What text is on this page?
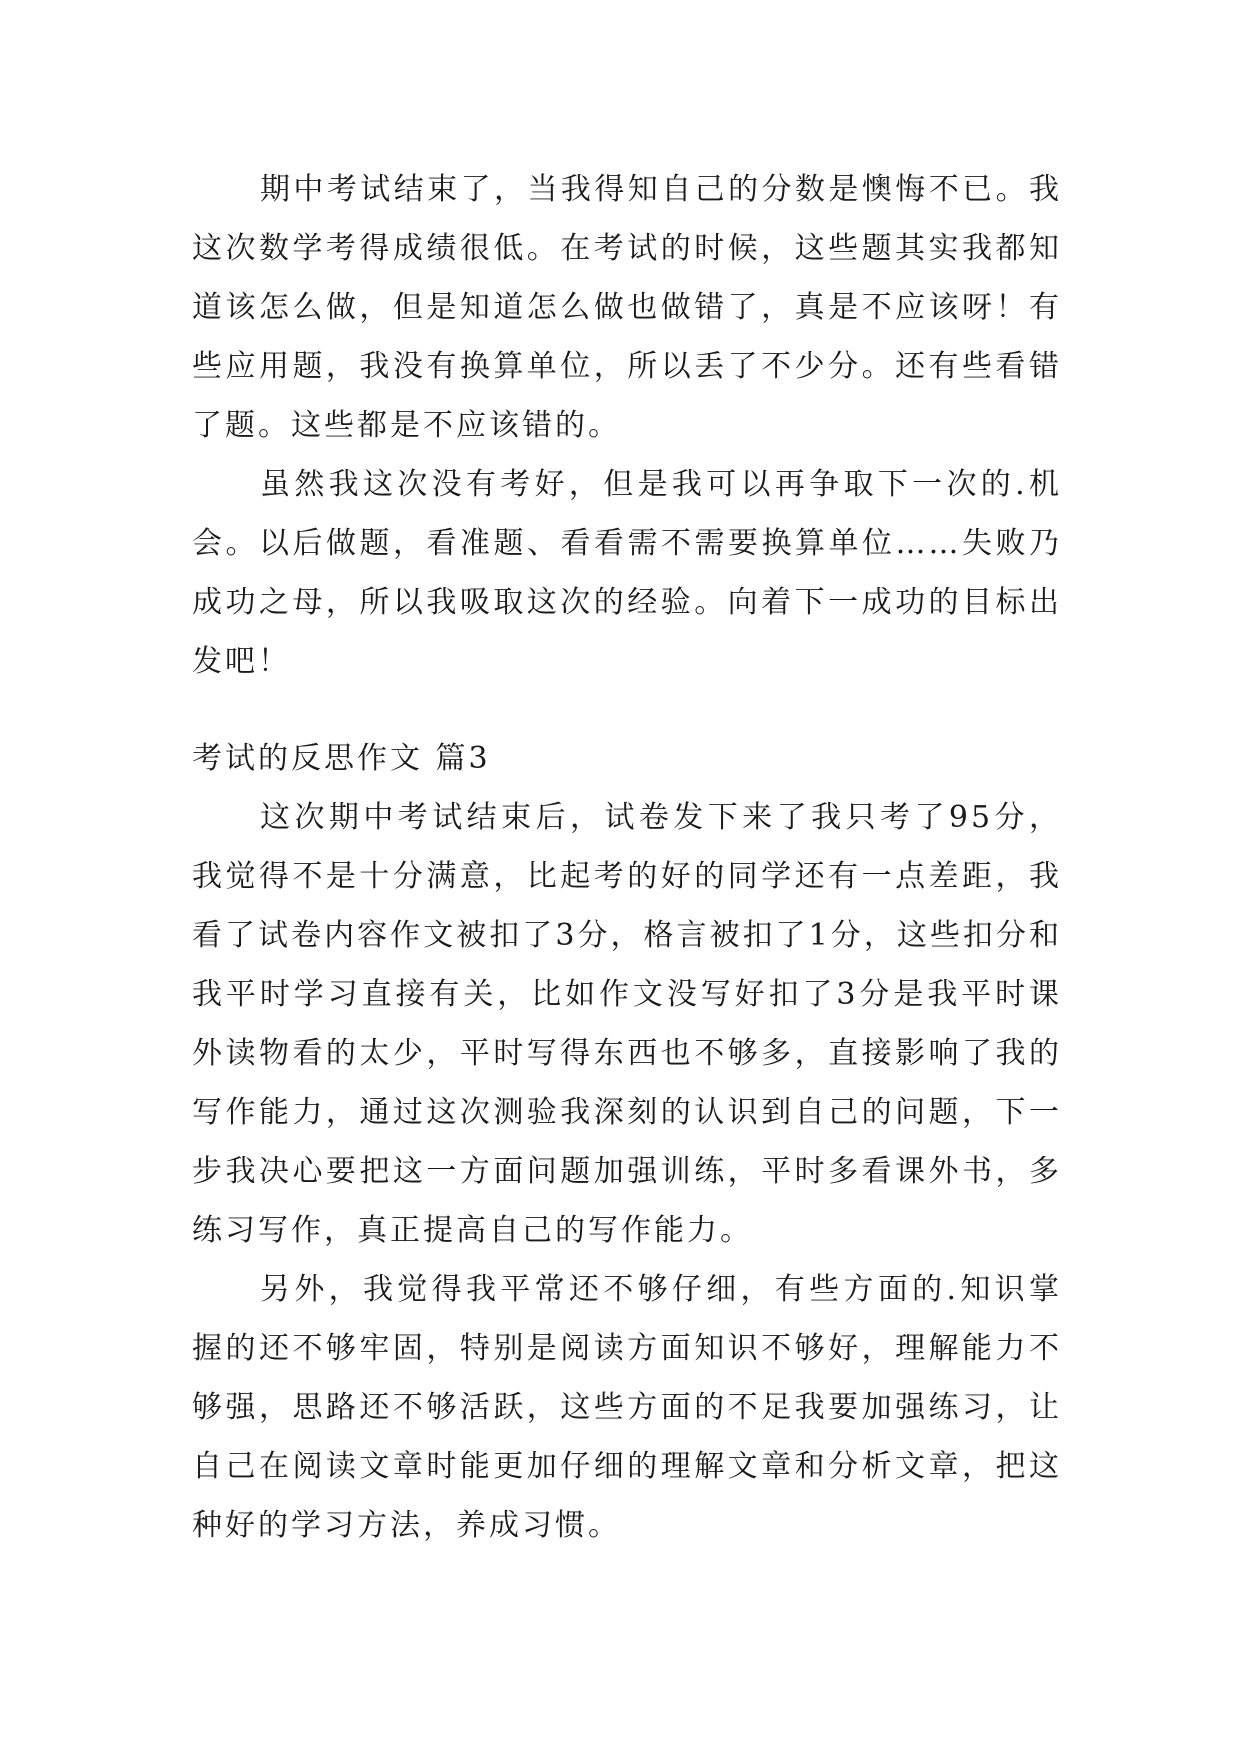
期中考试结束了，当我得知自己的分数是懊悔不已。我这次数学考得成绩很低。在考试的时候，这些题其实我都知道该怎么做，但是知道怎么做也做错了，真是不应该呀！有些应用题，我没有换算单位，所以丢了不少分。还有些看错了题。这些都是不应该错的。

虽然我这次没有考好，但是我可以再争取下一次的.机会。以后做题，看准题、看看需不需要换算单位……失败乃成功之母，所以我吸取这次的经验。向着下一成功的目标出发吧！

考试的反思作文 篇3

这次期中考试结束后，试卷发下来了我只考了95分，我觉得不是十分满意，比起考的好的同学还有一点差距，我看了试卷内容作文被扣了3分，格言被扣了1分，这些扣分和我平时学习直接有关，比如作文没写好扣了3分是我平时课外读物看的太少，平时写得东西也不够多，直接影响了我的写作能力，通过这次测验我深刻的认识到自己的问题，下一步我决心要把这一方面问题加强训练，平时多看课外书，多练习写作，真正提高自己的写作能力。

另外，我觉得我平常还不够仔细，有些方面的.知识掌握的还不够牢固，特别是阅读方面知识不够好，理解能力不够强，思路还不够活跃，这些方面的不足我要加强练习，让自己在阅读文章时能更加仔细的理解文章和分析文章，把这种好的学习方法，养成习惯。
